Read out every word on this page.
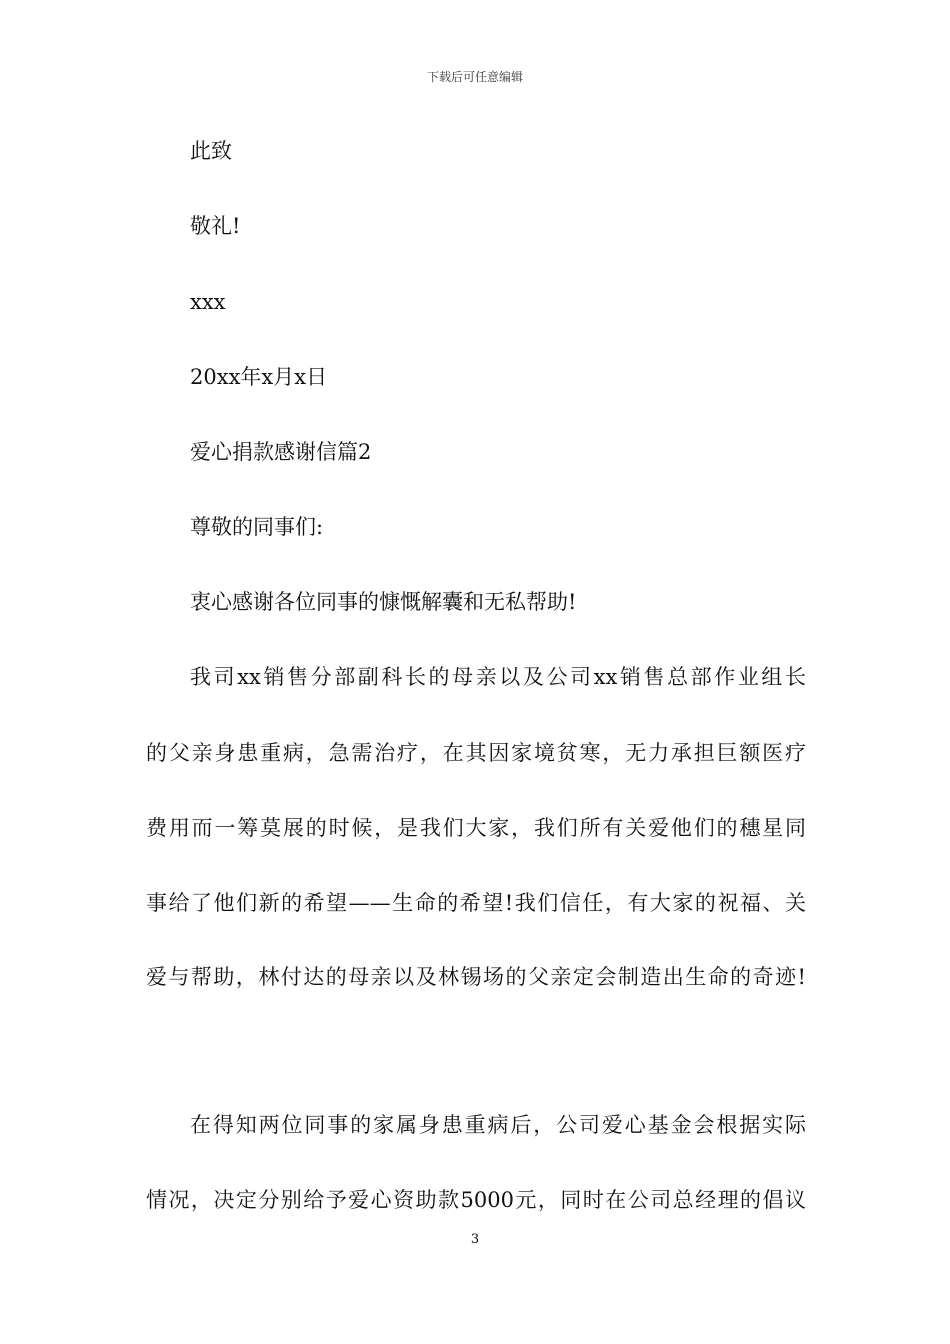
下载后可任意编辑
此致
敬礼!
xxx
20xx年x月x日
爱心捐款感谢信篇2
尊敬的同事们:
衷心感谢各位同事的慷慨解囊和无私帮助!
我司xx销售分部副科长的母亲以及公司xx销售总部作业组长
的父亲身患重病，急需治疗，在其因家境贫寒，无力承担巨额医疗
费用而一筹莫展的时候，是我们大家，我们所有关爱他们的穗星同
事给了他们新的希望——生命的希望!我们信任，有大家的祝福、关
爱与帮助，林付达的母亲以及林锡场的父亲定会制造出生命的奇迹!
在得知两位同事的家属身患重病后，公司爱心基金会根据实际
情况，决定分别给予爱心资助款5000元，同时在公司总经理的倡议
3
